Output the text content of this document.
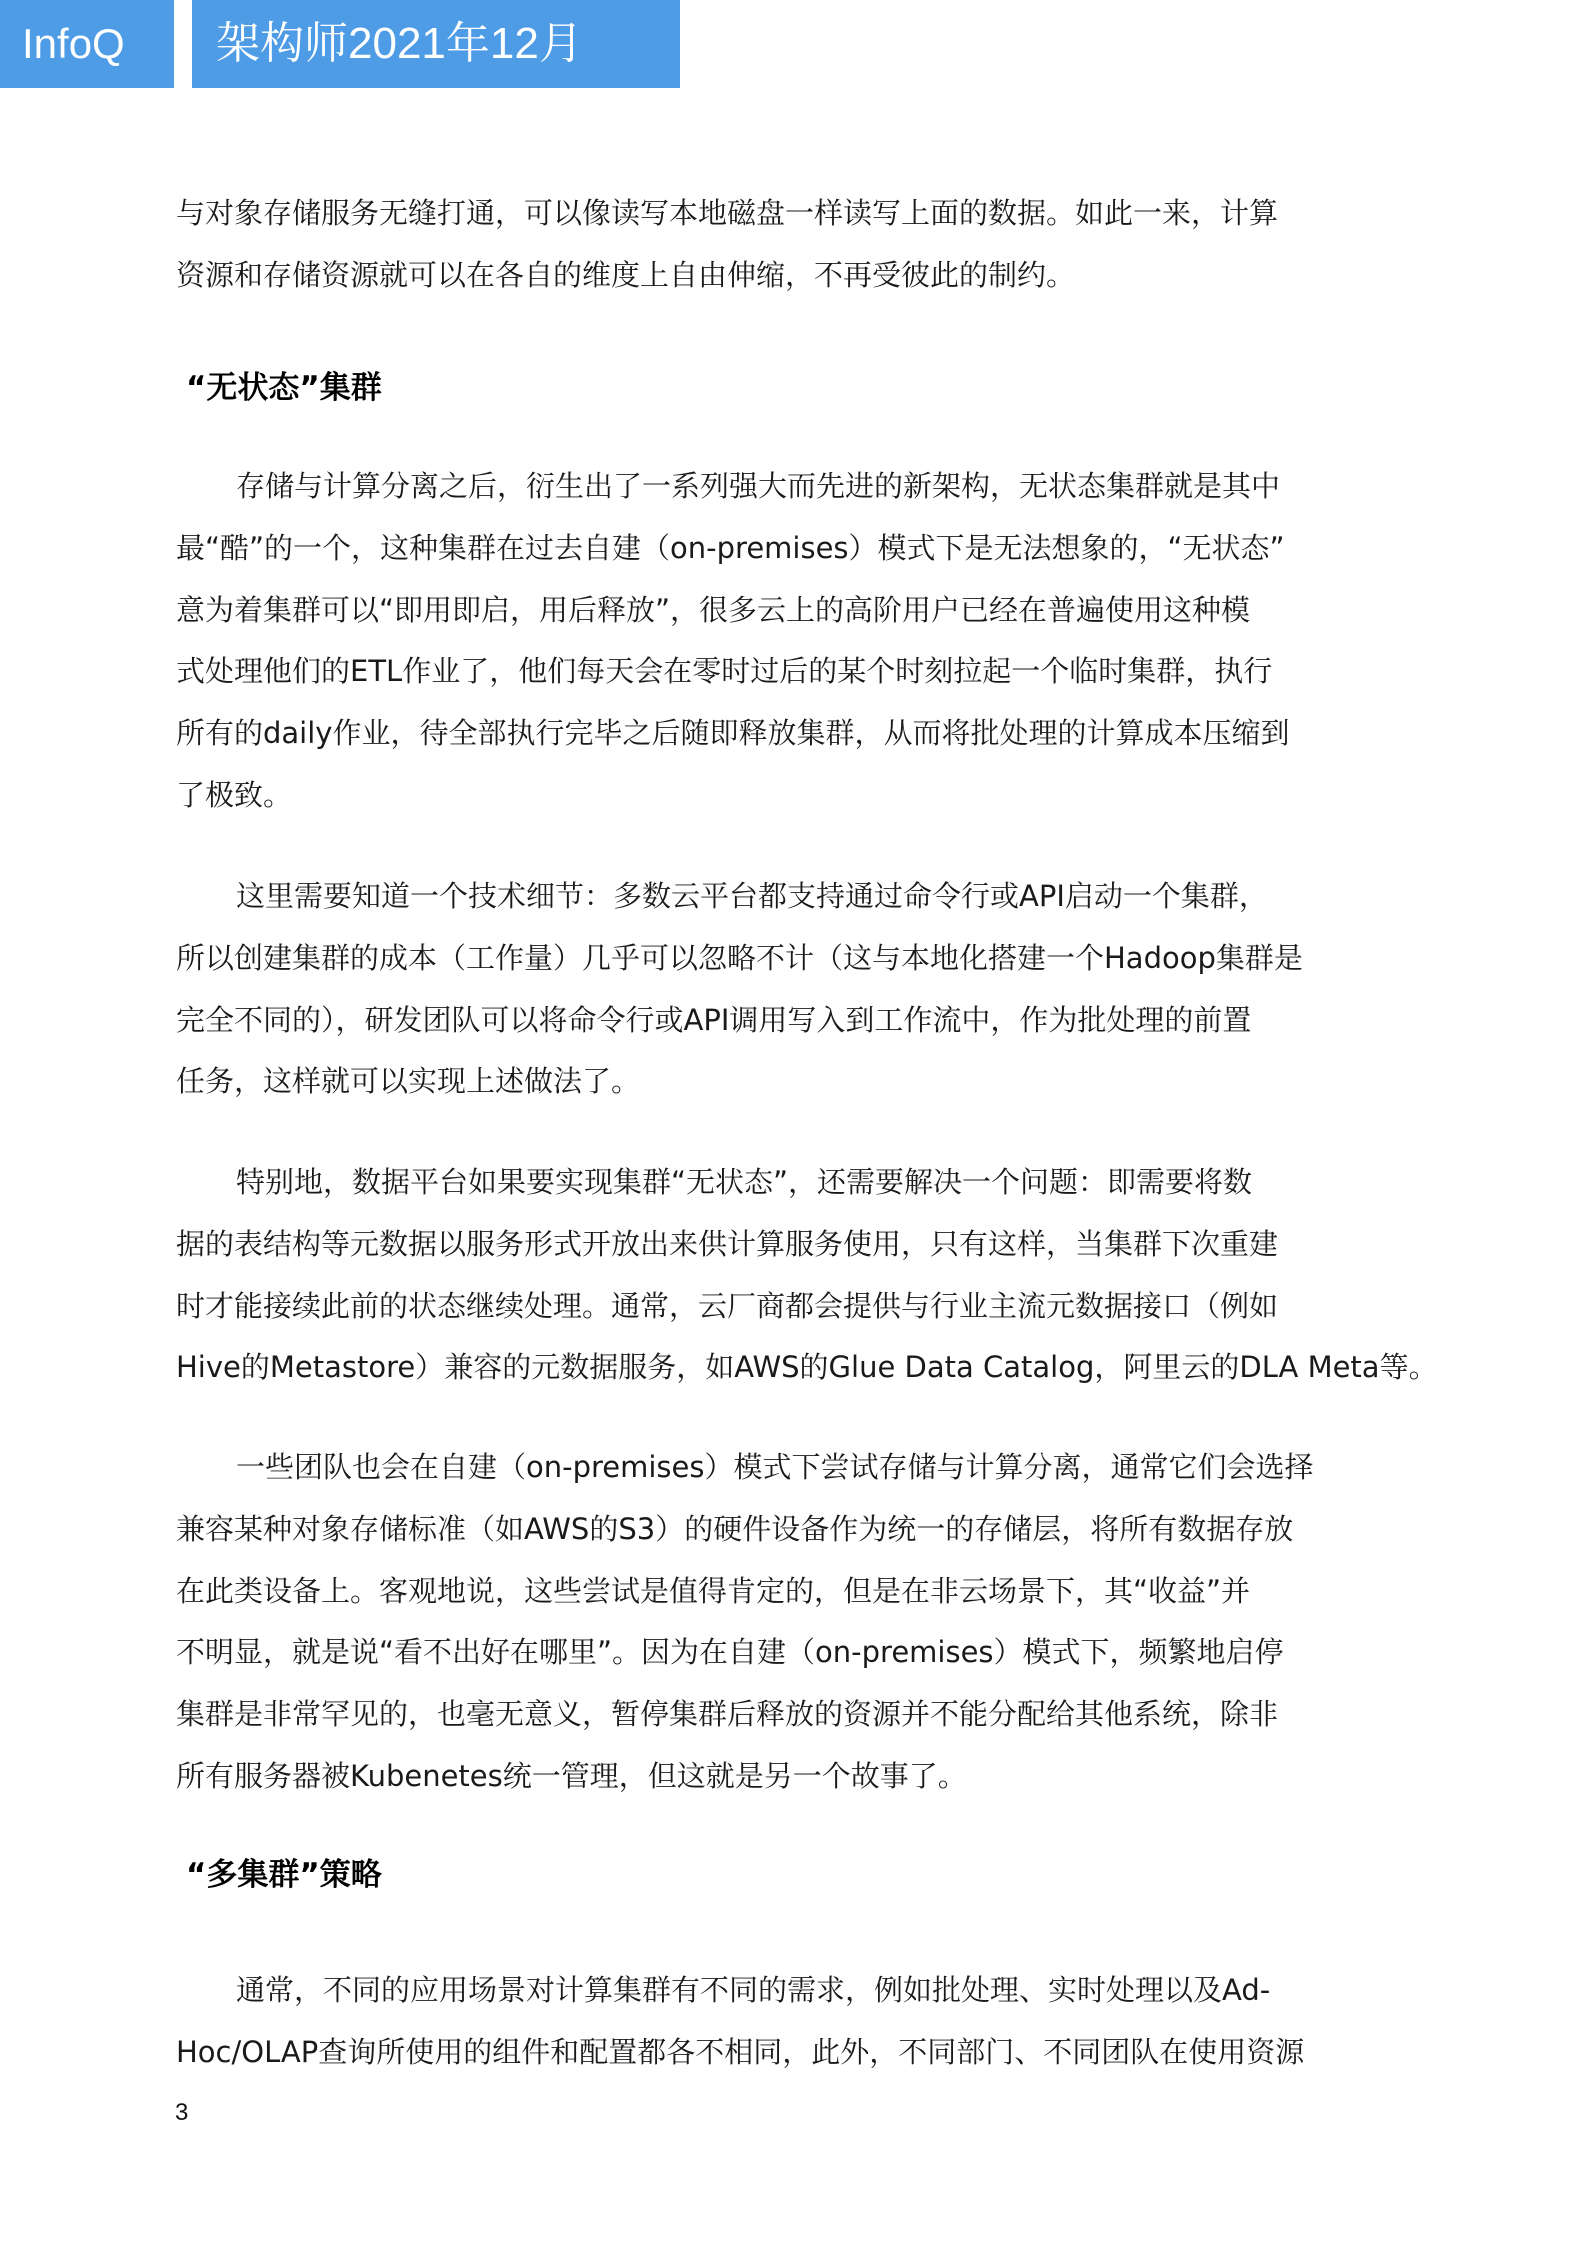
InfoQ	架构师2021年12月
与对象存储服务无缝打通，可以像读写本地磁盘一样读写上面的数据。如此一来，计算
资源和存储资源就可以在各自的维度上自由伸缩，不再受彼此的制约。
“无状态”集群
存储与计算分离之后，衍生出了一系列强大而先进的新架构，无状态集群就是其中
最“酷”的一个，这种集群在过去自建（on-premises）模式下是无法想象的，“无状态”
意为着集群可以“即用即启，用后释放”，很多云上的高阶用户已经在普遍使用这种模
式处理他们的ETL作业了，他们每天会在零时过后的某个时刻拉起一个临时集群，执行
所有的daily作业，待全部执行完毕之后随即释放集群，从而将批处理的计算成本压缩到
了极致。
这里需要知道一个技术细节：多数云平台都支持通过命令行或API启动一个集群，
所以创建集群的成本（工作量）几乎可以忽略不计（这与本地化搭建一个Hadoop集群是
完全不同的），研发团队可以将命令行或API调用写入到工作流中，作为批处理的前置
任务，这样就可以实现上述做法了。
特别地，数据平台如果要实现集群“无状态”，还需要解决一个问题：即需要将数
据的表结构等元数据以服务形式开放出来供计算服务使用，只有这样，当集群下次重建
时才能接续此前的状态继续处理。通常，云厂商都会提供与行业主流元数据接口（例如
Hive的Metastore）兼容的元数据服务，如AWS的Glue Data Catalog，阿里云的DLA Meta等。
一些团队也会在自建（on-premises）模式下尝试存储与计算分离，通常它们会选择
兼容某种对象存储标准（如AWS的S3）的硬件设备作为统一的存储层，将所有数据存放
在此类设备上。客观地说，这些尝试是值得肯定的，但是在非云场景下，其“收益”并
不明显，就是说“看不出好在哪里”。因为在自建（on-premises）模式下，频繁地启停
集群是非常罕见的，也毫无意义，暂停集群后释放的资源并不能分配给其他系统，除非
所有服务器被Kubenetes统一管理，但这就是另一个故事了。
“多集群”策略
通常，不同的应用场景对计算集群有不同的需求，例如批处理、实时处理以及Ad-
Hoc/OLAP查询所使用的组件和配置都各不相同，此外，不同部门、不同团队在使用资源
3
